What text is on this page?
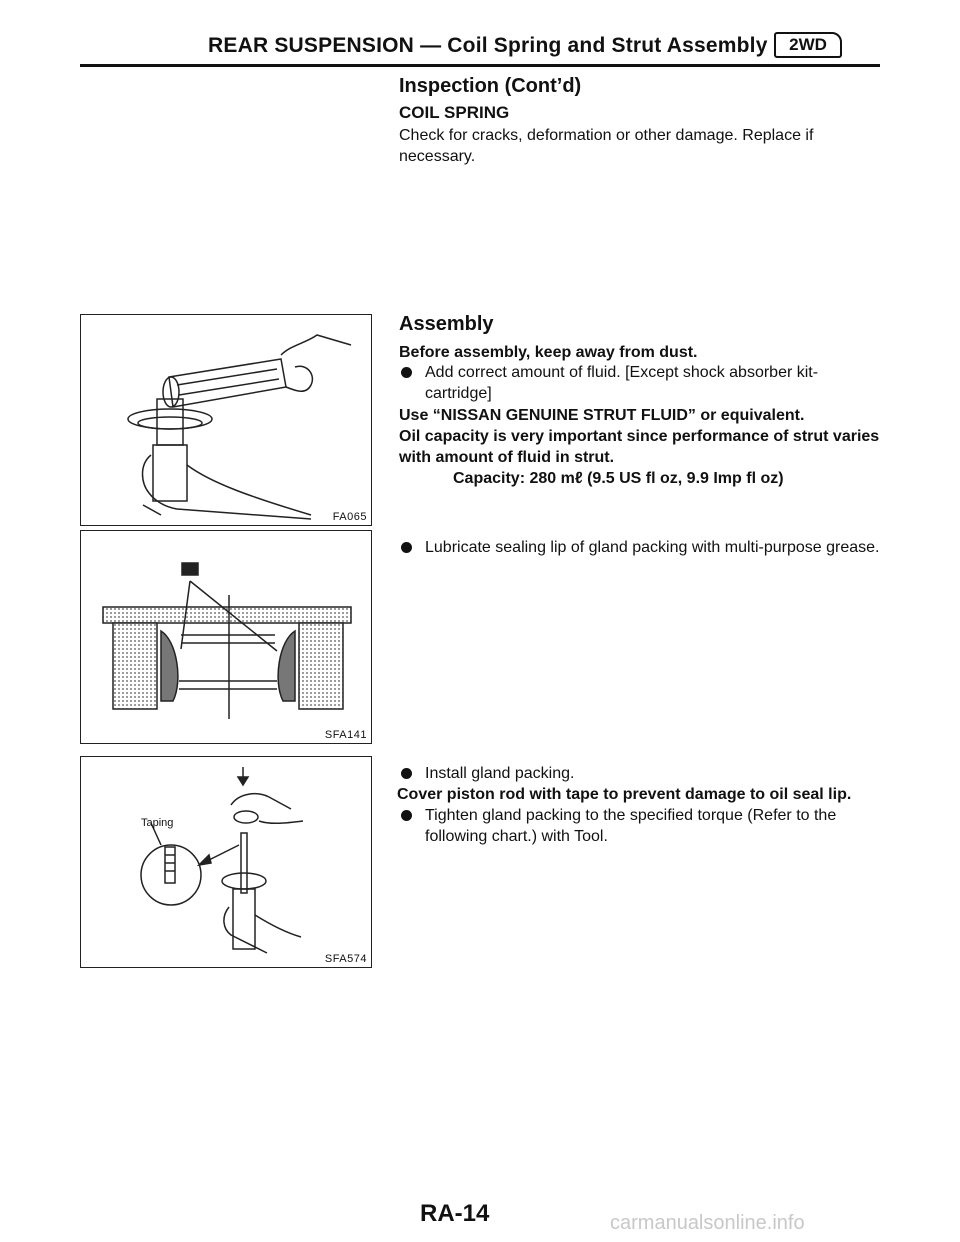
REAR SUSPENSION — Coil Spring and Strut Assembly	2WD
Inspection (Cont’d)
COIL SPRING
Check for cracks, deformation or other damage. Replace if necessary.
Assembly
Before assembly, keep away from dust.
Add correct amount of fluid. [Except shock absorber kit-cartridge]
Use “NISSAN GENUINE STRUT FLUID” or equivalent.
Oil capacity is very important since performance of strut varies with amount of fluid in strut.
Capacity: 280 mℓ (9.5 US fl oz, 9.9 Imp fl oz)
Lubricate sealing lip of gland packing with multi-purpose grease.
Install gland packing.
Cover piston rod with tape to prevent damage to oil seal lip.
Tighten gland packing to the specified torque (Refer to the following chart.) with Tool.
FA065
SFA141
Taping
SFA574
RA-14	carmanualsonline.info
